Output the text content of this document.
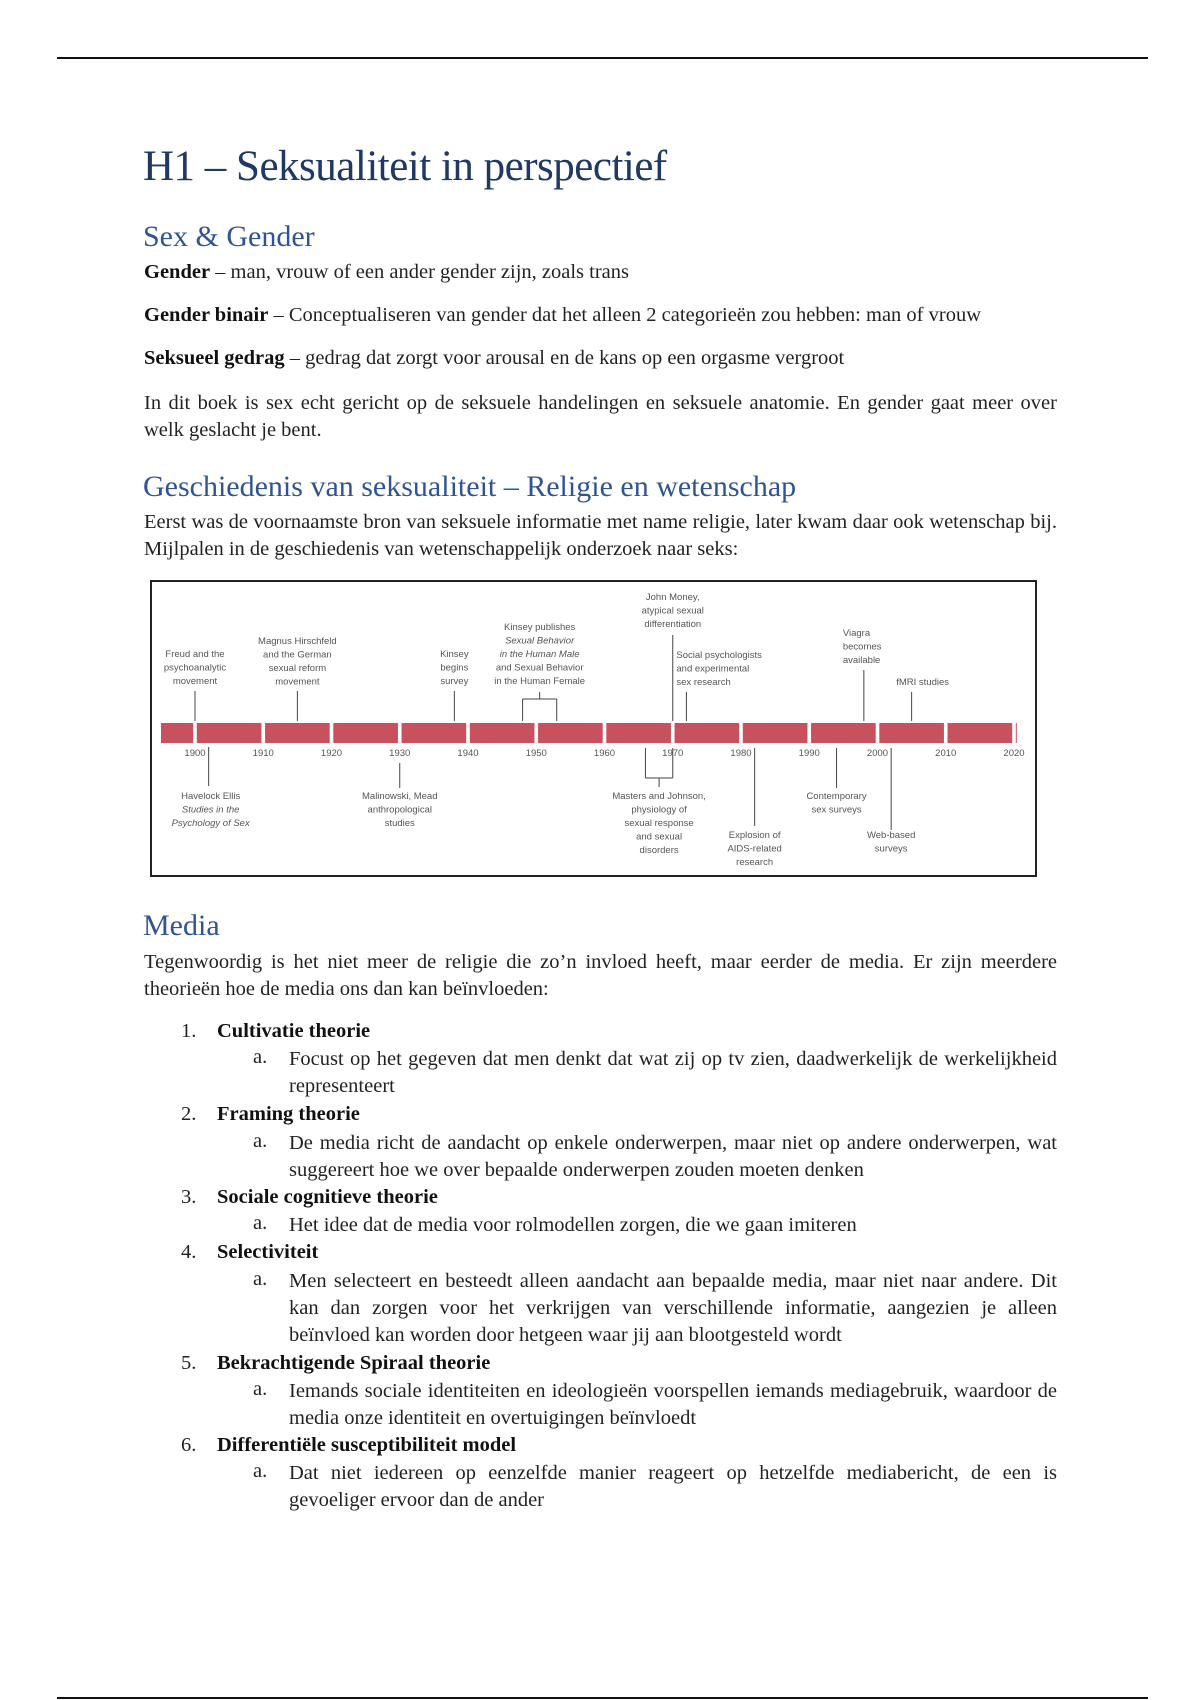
H1 – Seksualiteit in perspectief
Sex & Gender
Gender – man, vrouw of een ander gender zijn, zoals trans
Gender binair – Conceptualiseren van gender dat het alleen 2 categorieën zou hebben: man of vrouw
Seksueel gedrag – gedrag dat zorgt voor arousal en de kans op een orgasme vergroot
In dit boek is sex echt gericht op de seksuele handelingen en seksuele anatomie. En gender gaat meer over welk geslacht je bent.
Geschiedenis van seksualiteit – Religie en wetenschap
Eerst was de voornaamste bron van seksuele informatie met name religie, later kwam daar ook wetenschap bij. Mijlpalen in de geschiedenis van wetenschappelijk onderzoek naar seks:
1900	1910	1920	1930	1940	1950	1960	1970	1980	1990	2000	2010	2020
Freud and the
psychoanalytic
movement
Magnus Hirschfeld
and the German
sexual reform
movement
Kinsey
begins
survey
Kinsey publishes
Sexual Behavior
in the Human Male
and Sexual Behavior
in the Human Female
John Money,
atypical sexual
differentiation
Social psychologists
and experimental
sex research
Viagra
becomes
available
fMRI studies
Havelock Ellis
Studies in the
Psychology of Sex
Malinowski, Mead
anthropological
studies
Masters and Johnson,
physiology of
sexual response
and sexual
disorders
Explosion of
AIDS-related
research
Contemporary
sex surveys
Web-based
surveys
Media
Tegenwoordig is het niet meer de religie die zo’n invloed heeft, maar eerder de media. Er zijn meerdere theorieën hoe de media ons dan kan beïnvloeden:
1. Cultivatie theorie
a. Focust op het gegeven dat men denkt dat wat zij op tv zien, daadwerkelijk de werkelijkheid representeert
2. Framing theorie
a. De media richt de aandacht op enkele onderwerpen, maar niet op andere onderwerpen, wat suggereert hoe we over bepaalde onderwerpen zouden moeten denken
3. Sociale cognitieve theorie
a. Het idee dat de media voor rolmodellen zorgen, die we gaan imiteren
4. Selectiviteit
a. Men selecteert en besteedt alleen aandacht aan bepaalde media, maar niet naar andere. Dit kan dan zorgen voor het verkrijgen van verschillende informatie, aangezien je alleen beïnvloed kan worden door hetgeen waar jij aan blootgesteld wordt
5. Bekrachtigende Spiraal theorie
a. Iemands sociale identiteiten en ideologieën voorspellen iemands mediagebruik, waardoor de media onze identiteit en overtuigingen beïnvloedt
6. Differentiële susceptibiliteit model
a. Dat niet iedereen op eenzelfde manier reageert op hetzelfde mediabericht, de een is gevoeliger ervoor dan de ander
